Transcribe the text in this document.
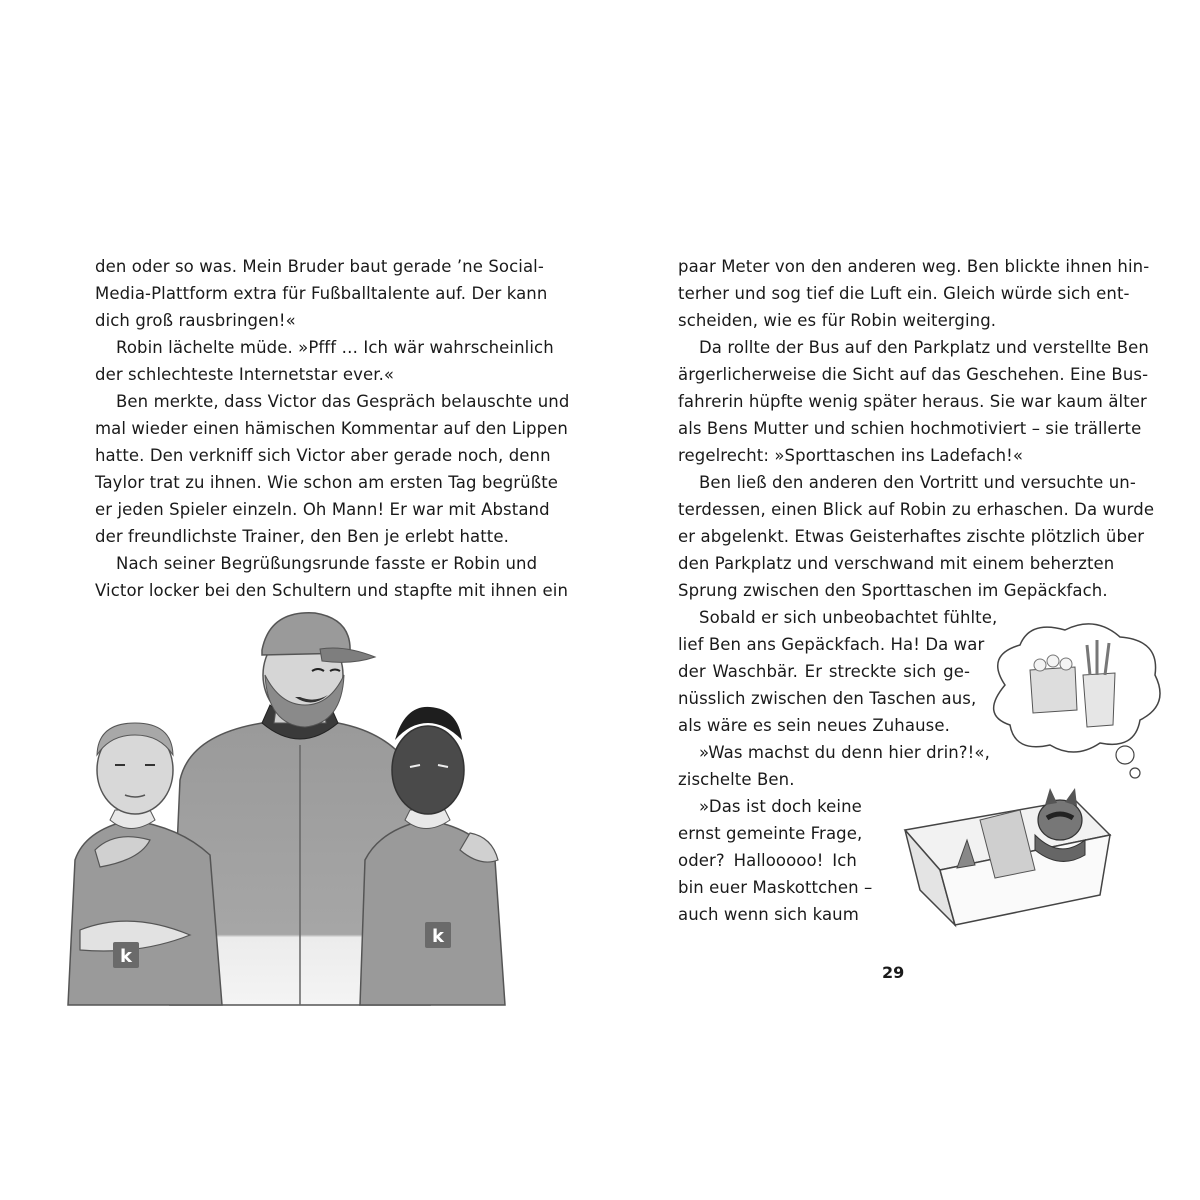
den oder so was. Mein Bruder baut gerade ’ne Social-
Media-Plattform extra für Fußballtalente auf. Der kann
dich groß rausbringen!«
Robin lächelte müde. »Pfff … Ich wär wahrscheinlich
der schlechteste Internetstar ever.«
Ben merkte, dass Victor das Gespräch belauschte und
mal wieder einen hämischen Kommentar auf den Lippen
hatte. Den verkniff sich Victor aber gerade noch, denn
Taylor trat zu ihnen. Wie schon am ersten Tag begrüßte
er jeden Spieler einzeln. Oh Mann! Er war mit Abstand
der freundlichste Trainer, den Ben je erlebt hatte.
Nach seiner Begrüßungsrunde fasste er Robin und
Victor locker bei den Schultern und stapfte mit ihnen ein
k
k
paar Meter von den anderen weg. Ben blickte ihnen hin-
terher und sog tief die Luft ein. Gleich würde sich ent-
scheiden, wie es für Robin weiterging.
Da rollte der Bus auf den Parkplatz und verstellte Ben
ärgerlicherweise die Sicht auf das Geschehen. Eine Bus-
fahrerin hüpfte wenig später heraus. Sie war kaum älter
als Bens Mutter und schien hochmotiviert – sie trällerte
regelrecht: »Sporttaschen ins Ladefach!«
Ben ließ den anderen den Vortritt und versuchte un-
terdessen, einen Blick auf Robin zu erhaschen. Da wurde
er abgelenkt. Etwas Geisterhaftes zischte plötzlich über
den Parkplatz und verschwand mit einem beherzten
Sprung zwischen den Sporttaschen im Gepäckfach.
Sobald er sich unbeobachtet fühlte,
lief Ben ans Gepäckfach. Ha! Da war
der Waschbär. Er streckte sich ge-
nüsslich zwischen den Taschen aus,
als wäre es sein neues Zuhause.
»Was machst du denn hier drin?!«,
zischelte Ben.
»Das ist doch keine
ernst gemeinte Frage,
oder? Hallooooo! Ich
bin euer Maskottchen –
auch wenn sich kaum
29
